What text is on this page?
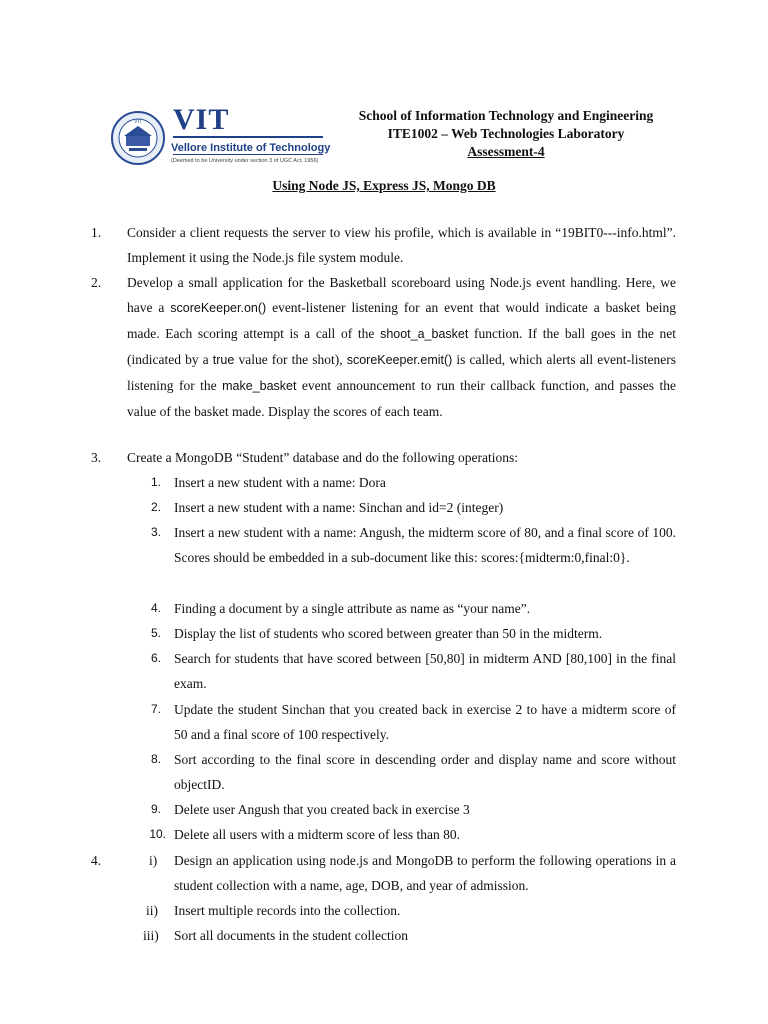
VIT VIT
Vellore Institute of Technology
(Deemed to be University under section 3 of UGC Act, 1956)
School of Information Technology and Engineering
ITE1002 – Web Technologies Laboratory
Assessment-4
Using Node JS, Express JS, Mongo DB
1. Consider a client requests the server to view his profile, which is available in “19BIT0---info.html”. Implement it using the Node.js file system module.

2. Develop a small application for the Basketball scoreboard using Node.js event handling. Here, we have a scoreKeeper.on() event-listener listening for an event that would indicate a basket being made. Each scoring attempt is a call of the shoot_a_basket function. If the ball goes in the net (indicated by a true value for the shot), scoreKeeper.emit() is called, which alerts all event-listeners listening for the make_basket event announcement to run their callback function, and passes the value of the basket made. Display the scores of each team.

3. Create a MongoDB “Student” database and do the following operations:

1. Insert a new student with a name: Dora

2. Insert a new student with a name: Sinchan and id=2 (integer)

3. Insert a new student with a name: Angush, the midterm score of 80, and a final score of 100. Scores should be embedded in a sub-document like this: scores:{midterm:0,final:0}.

4. Finding a document by a single attribute as name as “your name”.

5. Display the list of students who scored between greater than 50 in the midterm.

6. Search for students that have scored between [50,80] in midterm AND [80,100] in the final exam.

7. Update the student Sinchan that you created back in exercise 2 to have a midterm score of 50 and a final score of 100 respectively.

8. Sort according to the final score in descending order and display name and score without objectID.

9. Delete user Angush that you created back in exercise 3

10. Delete all users with a midterm score of less than 80.

4.	i) Design an application using node.js and MongoDB to perform the following operations in a student collection with a name, age, DOB, and year of admission.

ii) Insert multiple records into the collection.

iii) Sort all documents in the student collection
